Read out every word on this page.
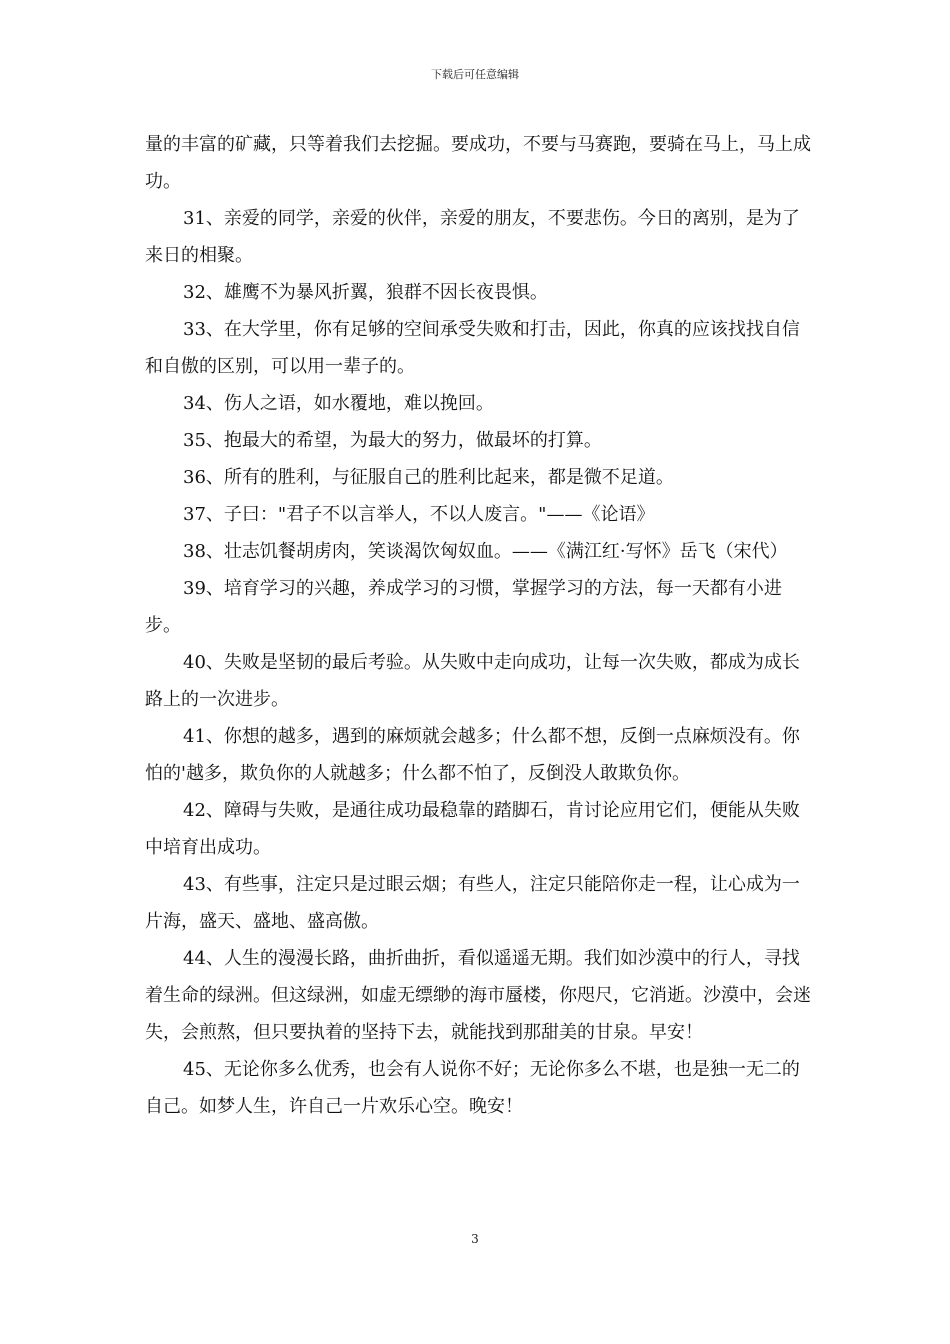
下载后可任意编辑

量的丰富的矿藏，只等着我们去挖掘。要成功，不要与马赛跑，要骑在马上，马上成功。

31、亲爱的同学，亲爱的伙伴，亲爱的朋友，不要悲伤。今日的离别，是为了来日的相聚。

32、雄鹰不为暴风折翼，狼群不因长夜畏惧。

33、在大学里，你有足够的空间承受失败和打击，因此，你真的应该找找自信和自傲的区别，可以用一辈子的。

34、伤人之语，如水覆地，难以挽回。

35、抱最大的希望，为最大的努力，做最坏的打算。

36、所有的胜利，与征服自己的胜利比起来，都是微不足道。

37、子曰："君子不以言举人，不以人废言。"——《论语》

38、壮志饥餐胡虏肉，笑谈渴饮匈奴血。——《满江红·写怀》岳飞（宋代）

39、培育学习的兴趣，养成学习的习惯，掌握学习的方法，每一天都有小进步。

40、失败是坚韧的最后考验。从失败中走向成功，让每一次失败，都成为成长路上的一次进步。

41、你想的越多，遇到的麻烦就会越多；什么都不想，反倒一点麻烦没有。你怕的'越多，欺负你的人就越多；什么都不怕了，反倒没人敢欺负你。

42、障碍与失败，是通往成功最稳靠的踏脚石，肯讨论应用它们，便能从失败中培育出成功。

43、有些事，注定只是过眼云烟；有些人，注定只能陪你走一程，让心成为一片海，盛天、盛地、盛高傲。

44、人生的漫漫长路，曲折曲折，看似遥遥无期。我们如沙漠中的行人，寻找着生命的绿洲。但这绿洲，如虚无缥缈的海市蜃楼，你咫尺，它消逝。沙漠中，会迷失，会煎熬，但只要执着的坚持下去，就能找到那甜美的甘泉。早安！

45、无论你多么优秀，也会有人说你不好；无论你多么不堪，也是独一无二的自己。如梦人生，许自己一片欢乐心空。晚安！

3
